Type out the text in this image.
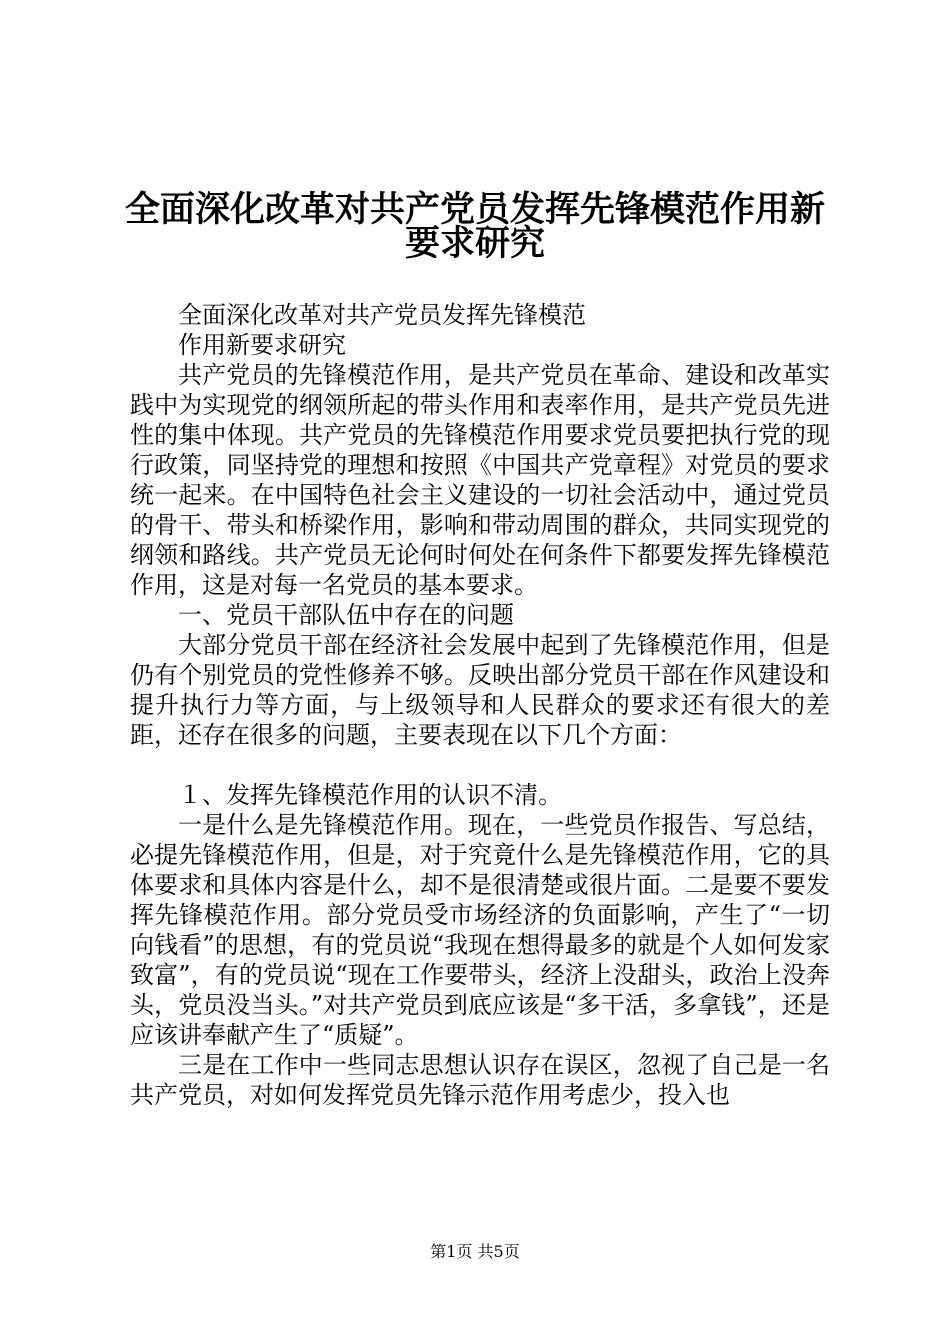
全面深化改革对共产党员发挥先锋模范作用新
要求研究

全面深化改革对共产党员发挥先锋模范

作用新要求研究

共产党员的先锋模范作用，是共产党员在革命、建设和改革实践中为实现党的纲领所起的带头作用和表率作用，是共产党员先进性的集中体现。共产党员的先锋模范作用要求党员要把执行党的现行政策，同坚持党的理想和按照《中国共产党章程》对党员的要求统一起来。在中国特色社会主义建设的一切社会活动中，通过党员的骨干、带头和桥梁作用，影响和带动周围的群众，共同实现党的纲领和路线。共产党员无论何时何处在何条件下都要发挥先锋模范作用，这是对每一名党员的基本要求。

一、党员干部队伍中存在的问题

大部分党员干部在经济社会发展中起到了先锋模范作用，但是仍有个别党员的党性修养不够。反映出部分党员干部在作风建设和提升执行力等方面，与上级领导和人民群众的要求还有很大的差距，还存在很多的问题，主要表现在以下几个方面：

１、发挥先锋模范作用的认识不清。

一是什么是先锋模范作用。现在，一些党员作报告、写总结，必提先锋模范作用，但是，对于究竟什么是先锋模范作用，它的具体要求和具体内容是什么，却不是很清楚或很片面。二是要不要发挥先锋模范作用。部分党员受市场经济的负面影响，产生了“一切向钱看”的思想，有的党员说“我现在想得最多的就是个人如何发家致富”，有的党员说“现在工作要带头，经济上没甜头，政治上没奔头，党员没当头。”对共产党员到底应该是“多干活，多拿钱”，还是应该讲奉献产生了“质疑”。

三是在工作中一些同志思想认识存在误区，忽视了自己是一名共产党员，对如何发挥党员先锋示范作用考虑少，投入也

第1页 共5页
